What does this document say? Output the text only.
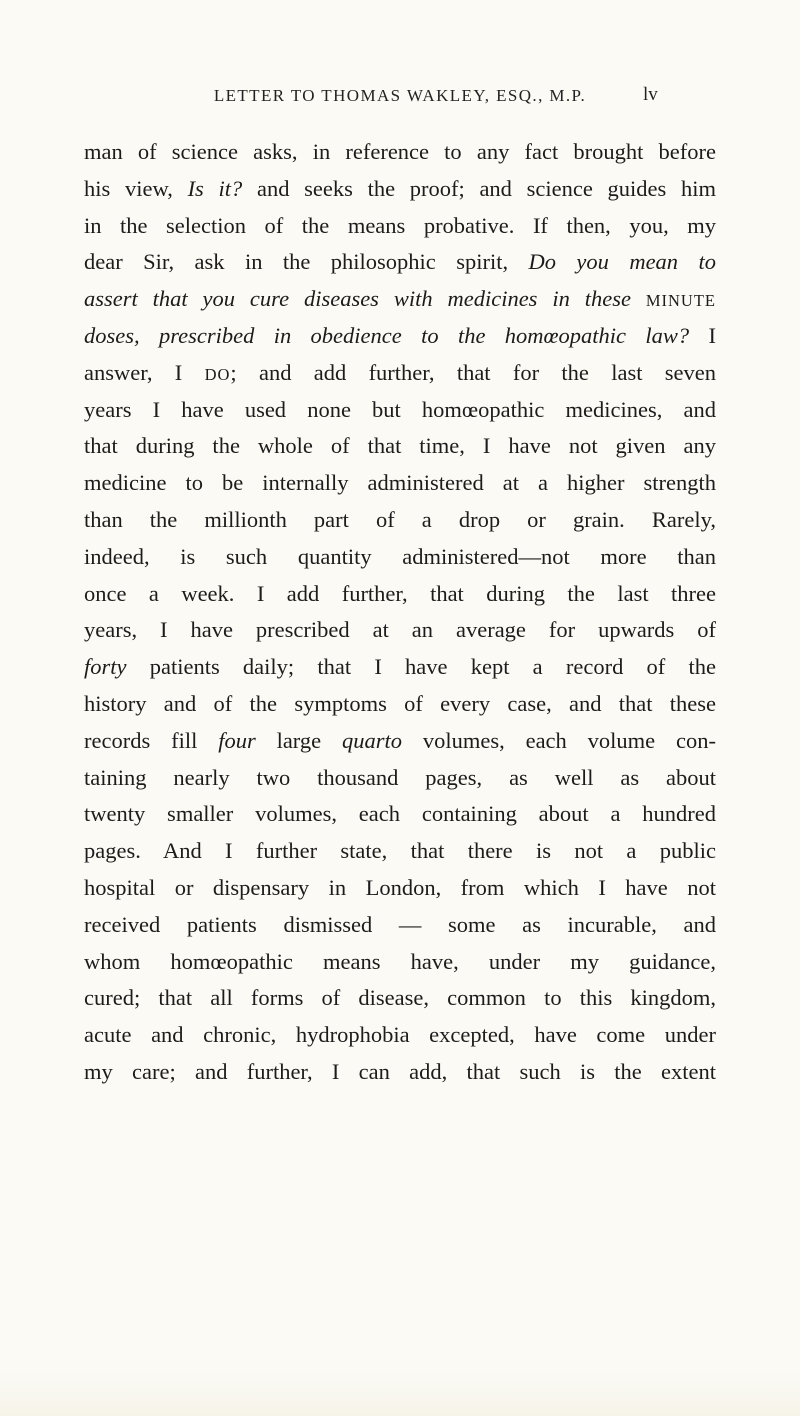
LETTER TO THOMAS WAKLEY, ESQ., M.P.	lv
man of science asks, in reference to any fact brought before
his view, Is it? and seeks the proof; and science guides him
in the selection of the means probative. If then, you, my
dear Sir, ask in the philosophic spirit, Do you mean to
assert that you cure diseases with medicines in these MINUTE
doses, prescribed in obedience to the homœopathic law? I
answer, I DO; and add further, that for the last seven
years I have used none but homœopathic medicines, and
that during the whole of that time, I have not given any
medicine to be internally administered at a higher strength
than the millionth part of a drop or grain. Rarely,
indeed, is such quantity administered—not more than
once a week. I add further, that during the last three
years, I have prescribed at an average for upwards of
forty patients daily; that I have kept a record of the
history and of the symptoms of every case, and that these
records fill four large quarto volumes, each volume con-
taining nearly two thousand pages, as well as about
twenty smaller volumes, each containing about a hundred
pages. And I further state, that there is not a public
hospital or dispensary in London, from which I have not
received patients dismissed — some as incurable, and
whom homœopathic means have, under my guidance,
cured; that all forms of disease, common to this kingdom,
acute and chronic, hydrophobia excepted, have come under
my care; and further, I can add, that such is the extent
